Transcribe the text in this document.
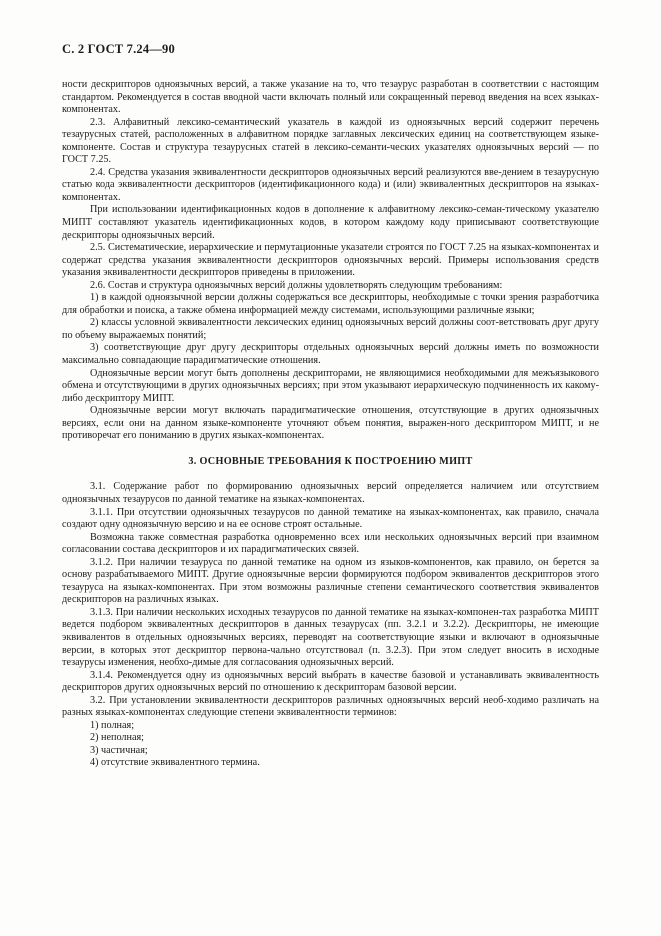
С. 2 ГОСТ 7.24—90

ности дескрипторов одноязычных версий, а также указание на то, что тезаурус разработан в соответствии с настоящим стандартом. Рекомендуется в состав вводной части включать полный или сокращенный перевод введения на всех языках-компонентах.

2.3. Алфавитный лексико-семантический указатель в каждой из одноязычных версий содержит перечень тезаурусных статей, расположенных в алфавитном порядке заглавных лексических единиц на соответствующем языке-компоненте. Состав и структура тезаурусных статей в лексико-семанти-ческих указателях одноязычных версий — по ГОСТ 7.25.

2.4. Средства указания эквивалентности дескрипторов одноязычных версий реализуются вве-дением в тезаурусную статью кода эквивалентности дескрипторов (идентификационного кода) и (или) эквивалентных дескрипторов на языках-компонентах.

При использовании идентификационных кодов в дополнение к алфавитному лексико-семан-тическому указателю МИПТ составляют указатель идентификационных кодов, в котором каждому коду приписывают соответствующие дескрипторы одноязычных версий.

2.5. Систематические, иерархические и пермутационные указатели строятся по ГОСТ 7.25 на языках-компонентах и содержат средства указания эквивалентности дескрипторов одноязычных версий. Примеры использования средств указания эквивалентности дескрипторов приведены в приложении.

2.6. Состав и структура одноязычных версий должны удовлетворять следующим требованиям:

1) в каждой одноязычной версии должны содержаться все дескрипторы, необходимые с точки зрения разработчика для обработки и поиска, а также обмена информацией между системами, использующими различные языки;

2) классы условной эквивалентности лексических единиц одноязычных версий должны соот-ветствовать друг другу по объему выражаемых понятий;

3) соответствующие друг другу дескрипторы отдельных одноязычных версий должны иметь по возможности максимально совпадающие парадигматические отношения.

Одноязычные версии могут быть дополнены дескрипторами, не являющимися необходимыми для межъязыкового обмена и отсутствующими в других одноязычных версиях; при этом указывают иерархическую подчиненность их какому-либо дескриптору МИПТ.

Одноязычные версии могут включать парадигматические отношения, отсутствующие в других одноязычных версиях, если они на данном языке-компоненте уточняют объем понятия, выражен-ного дескриптором МИПТ, и не противоречат его пониманию в других языках-компонентах.

3. ОСНОВНЫЕ ТРЕБОВАНИЯ К ПОСТРОЕНИЮ МИПТ

3.1. Содержание работ по формированию одноязычных версий определяется наличием или отсутствием одноязычных тезаурусов по данной тематике на языках-компонентах.

3.1.1. При отсутствии одноязычных тезаурусов по данной тематике на языках-компонентах, как правило, сначала создают одну одноязычную версию и на ее основе строят остальные.

Возможна также совместная разработка одновременно всех или нескольких одноязычных версий при взаимном согласовании состава дескрипторов и их парадигматических связей.

3.1.2. При наличии тезауруса по данной тематике на одном из языков-компонентов, как правило, он берется за основу разрабатываемого МИПТ. Другие одноязычные версии формируются подбором эквивалентов дескрипторов этого тезауруса на языках-компонентах. При этом возможны различные степени семантического соответствия эквивалентов дескрипторов на различных языках.

3.1.3. При наличии нескольких исходных тезаурусов по данной тематике на языках-компонен-тах разработка МИПТ ведется подбором эквивалентных дескрипторов в данных тезаурусах (пп. 3.2.1 и 3.2.2). Дескрипторы, не имеющие эквивалентов в отдельных одноязычных версиях, переводят на соответствующие языки и включают в одноязычные версии, в которых этот дескриптор первона-чально отсутствовал (п. 3.2.3). При этом следует вносить в исходные тезаурусы изменения, необхо-димые для согласования одноязычных версий.

3.1.4. Рекомендуется одну из одноязычных версий выбрать в качестве базовой и устанавливать эквивалентность дескрипторов других одноязычных версий по отношению к дескрипторам базовой версии.

3.2. При установлении эквивалентности дескрипторов различных одноязычных версий необ-ходимо различать на разных языках-компонентах следующие степени эквивалентности терминов:

1) полная;

2) неполная;

3) частичная;

4) отсутствие эквивалентного термина.
